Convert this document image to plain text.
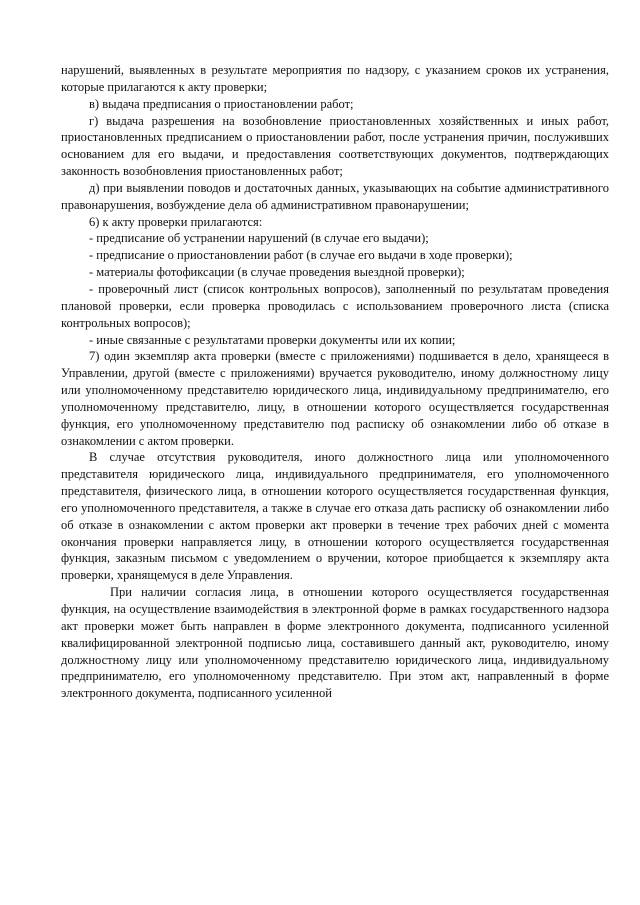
нарушений, выявленных в результате мероприятия по надзору, с указанием сроков их устранения, которые прилагаются к акту проверки;

в) выдача предписания о приостановлении работ;

г) выдача разрешения на возобновление приостановленных хозяйственных и иных работ, приостановленных предписанием о приостановлении работ, после устранения причин, послуживших основанием для его выдачи, и предоставления соответствующих документов, подтверждающих законность возобновления приостановленных работ;

д) при выявлении поводов и достаточных данных, указывающих на событие административного правонарушения, возбуждение дела об административном правонарушении;

6) к акту проверки прилагаются:

- предписание об устранении нарушений (в случае его выдачи);

- предписание о приостановлении работ (в случае его выдачи в ходе проверки);

- материалы фотофиксации (в случае проведения выездной проверки);

- проверочный лист (список контрольных вопросов), заполненный по результатам проведения плановой проверки, если проверка проводилась с использованием проверочного листа (списка контрольных вопросов);

- иные связанные с результатами проверки документы или их копии;

7) один экземпляр акта проверки (вместе с приложениями) подшивается в дело, хранящееся в Управлении, другой (вместе с приложениями) вручается руководителю, иному должностному лицу или уполномоченному представителю юридического лица, индивидуальному предпринимателю, его уполномоченному представителю, лицу, в отношении которого осуществляется государственная функция, его уполномоченному представителю под расписку об ознакомлении либо об отказе в ознакомлении с актом проверки.

В случае отсутствия руководителя, иного должностного лица или уполномоченного представителя юридического лица, индивидуального предпринимателя, его уполномоченного представителя, физического лица, в отношении которого осуществляется государственная функция, его уполномоченного представителя, а также в случае его отказа дать расписку об ознакомлении либо об отказе в ознакомлении с актом проверки акт проверки в течение трех рабочих дней с момента окончания проверки направляется лицу, в отношении которого осуществляется государственная функция, заказным письмом с уведомлением о вручении, которое приобщается к экземпляру акта проверки, хранящемуся в деле Управления.

При наличии согласия лица, в отношении которого осуществляется государственная функция, на осуществление взаимодействия в электронной форме в рамках государственного надзора акт проверки может быть направлен в форме электронного документа, подписанного усиленной квалифицированной электронной подписью лица, составившего данный акт, руководителю, иному должностному лицу или уполномоченному представителю юридического лица, индивидуальному предпринимателю, его уполномоченному представителю. При этом акт, направленный в форме электронного документа, подписанного усиленной
